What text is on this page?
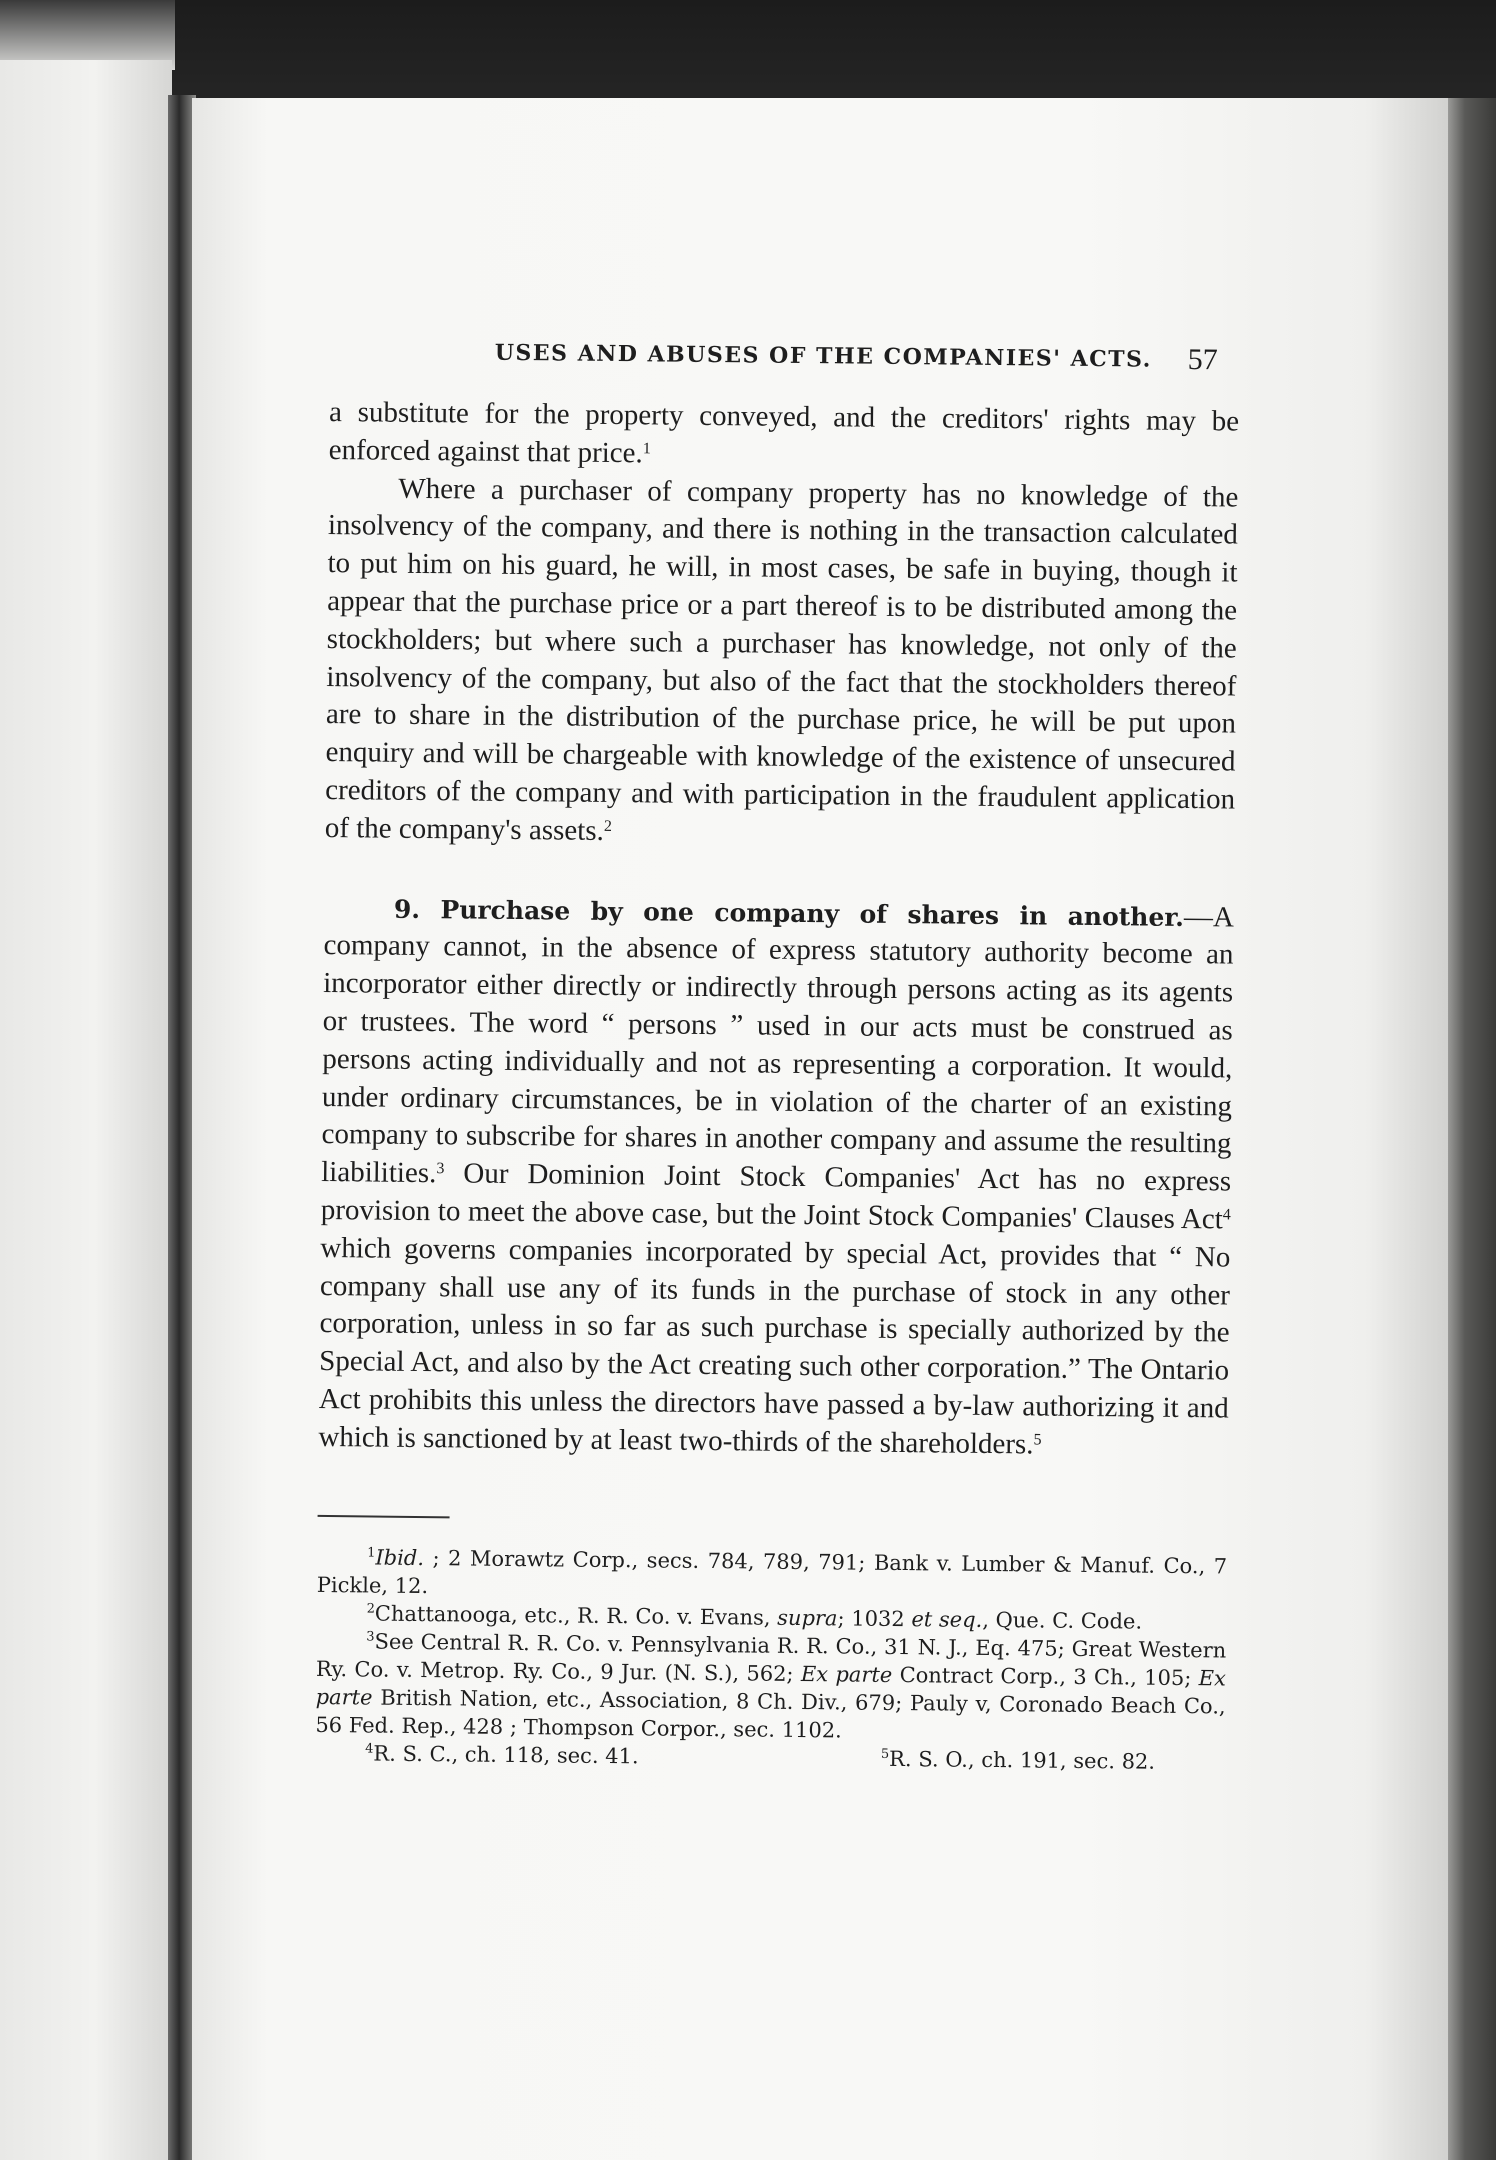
USES AND ABUSES OF THE COMPANIES' ACTS. 57

a substitute for the property conveyed, and the creditors' rights may be enforced against that price.$^1$

Where a purchaser of company property has no knowledge of the insolvency of the company, and there is nothing in the transaction calculated to put him on his guard, he will, in most cases, be safe in buying, though it appear that the purchase price or a part thereof is to be distributed among the stockholders; but where such a purchaser has knowledge, not only of the insolvency of the company, but also of the fact that the stockholders thereof are to share in the distribution of the purchase price, he will be put upon enquiry and will be chargeable with knowledge of the existence of unsecured creditors of the company and with participation in the fraudulent application of the company's assets.$^2$

9. Purchase by one company of shares in another.—A company cannot, in the absence of express statutory authority become an incorporator either directly or indirectly through persons acting as its agents or trustees. The word “ persons ” used in our acts must be construed as persons acting individually and not as representing a corporation. It would, under ordinary circumstances, be in violation of the charter of an existing company to subscribe for shares in another company and assume the resulting liabilities.$^3$ Our Dominion Joint Stock Companies' Act has no express provision to meet the above case, but the Joint Stock Companies' Clauses Act$^4$ which governs companies incorporated by special Act, provides that “ No company shall use any of its funds in the purchase of stock in any other corporation, unless in so far as such purchase is specially authorized by the Special Act, and also by the Act creating such other corporation.” The Ontario Act prohibits this unless the directors have passed a by-law authorizing it and which is sanctioned by at least two-thirds of the shareholders.$^5$

$^1$Ibid. ; 2 Morawtz Corp., secs. 784, 789, 791; Bank v. Lumber & Manuf. Co., 7 Pickle, 12.

$^2$Chattanooga, etc., R. R. Co. v. Evans, supra; 1032 et seq., Que. C. Code.

$^3$See Central R. R. Co. v. Pennsylvania R. R. Co., 31 N. J., Eq. 475; Great Western Ry. Co. v. Metrop. Ry. Co., 9 Jur. (N. S.), 562; Ex parte Contract Corp., 3 Ch., 105; Ex parte British Nation, etc., Association, 8 Ch. Div., 679; Pauly v, Coronado Beach Co., 56 Fed. Rep., 428 ; Thompson Corpor., sec. 1102.

$^4$R. S. C., ch. 118, sec. 41.	$^5$R. S. O., ch. 191, sec. 82.
